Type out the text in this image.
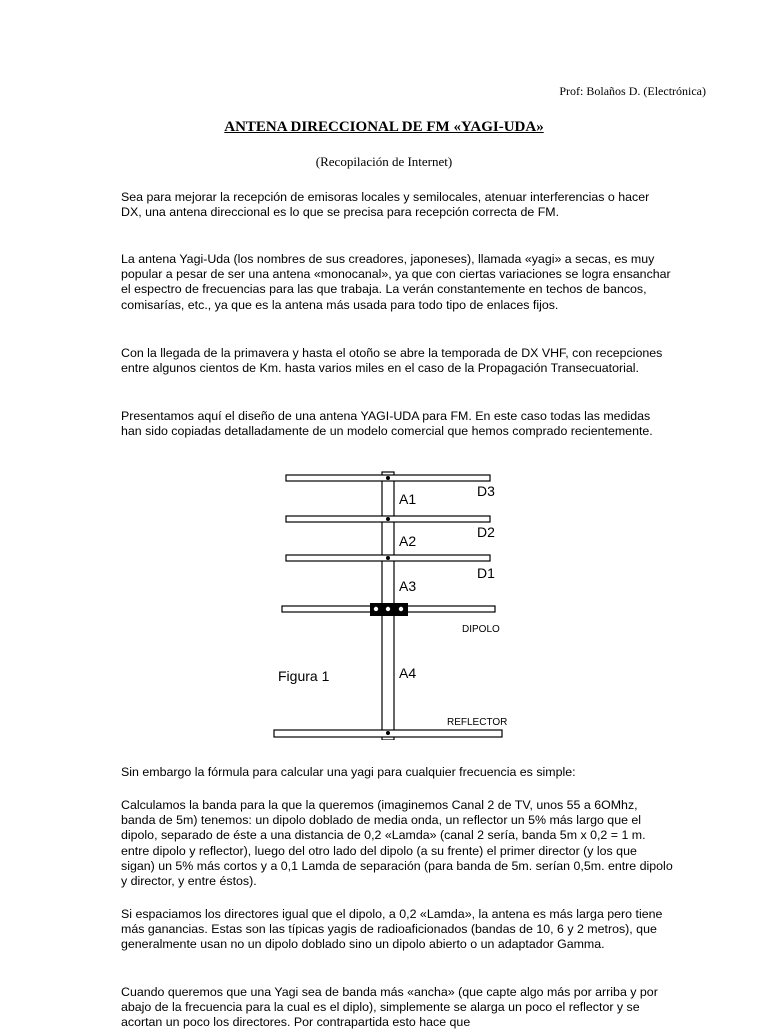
Prof: Bolaños D. (Electrónica)
ANTENA DIRECCIONAL DE FM «YAGI-UDA»
(Recopilación de Internet)

Sea para mejorar la recepción de emisoras locales y semilocales, atenuar interferencias o hacer DX, una antena direccional es lo que se precisa para recepción correcta de FM.

La antena Yagi-Uda (los nombres de sus creadores, japoneses), llamada «yagi» a secas, es muy popular a pesar de ser una antena «monocanal», ya que con ciertas variaciones se logra ensanchar el espectro de frecuencias para las que trabaja. La verán constantemente en techos de bancos, comisarías, etc., ya que es la antena más usada para todo tipo de enlaces fijos.

Con la llegada de la primavera y hasta el otoño se abre la temporada de DX VHF, con recepciones entre algunos cientos de Km. hasta varios miles en el caso de la Propagación Transecuatorial.

Presentamos aquí el diseño de una antena YAGI-UDA para FM. En este caso todas las medidas han sido copiadas detalladamente de un modelo comercial que hemos comprado recientemente.

D3
D2
D1
DIPOLO
REFLECTOR
A1
A2
A3
A4
Figura 1

Sin embargo la fórmula para calcular una yagi para cualquier frecuencia es simple:

Calculamos la banda para la que la queremos (imaginemos Canal 2 de TV, unos 55 a 6OMhz, banda de 5m) tenemos: un dipolo doblado de media onda, un reflector un 5% más largo que el dipolo, separado de éste a una distancia de 0,2 «Lamda» (canal 2 sería, banda 5m x 0,2 = 1 m. entre dipolo y reflector), luego del otro lado del dipolo (a su frente) el primer director (y los que sigan) un 5% más cortos y a 0,1 Lamda de separación (para banda de 5m. serían 0,5m. entre dipolo y director, y entre éstos).

Si espaciamos los directores igual que el dipolo, a 0,2 «Lamda», la antena es más larga pero tiene más ganancias. Estas son las típicas yagis de radioaficionados (bandas de 10, 6 y 2 metros), que generalmente usan no un dipolo doblado sino un dipolo abierto o un adaptador Gamma.

Cuando queremos que una Yagi sea de banda más «ancha» (que capte algo más por arriba y por abajo de la frecuencia para la cual es el diplo), simplemente se alarga un poco el reflector y se acortan un poco los directores. Por contrapartida esto hace que
